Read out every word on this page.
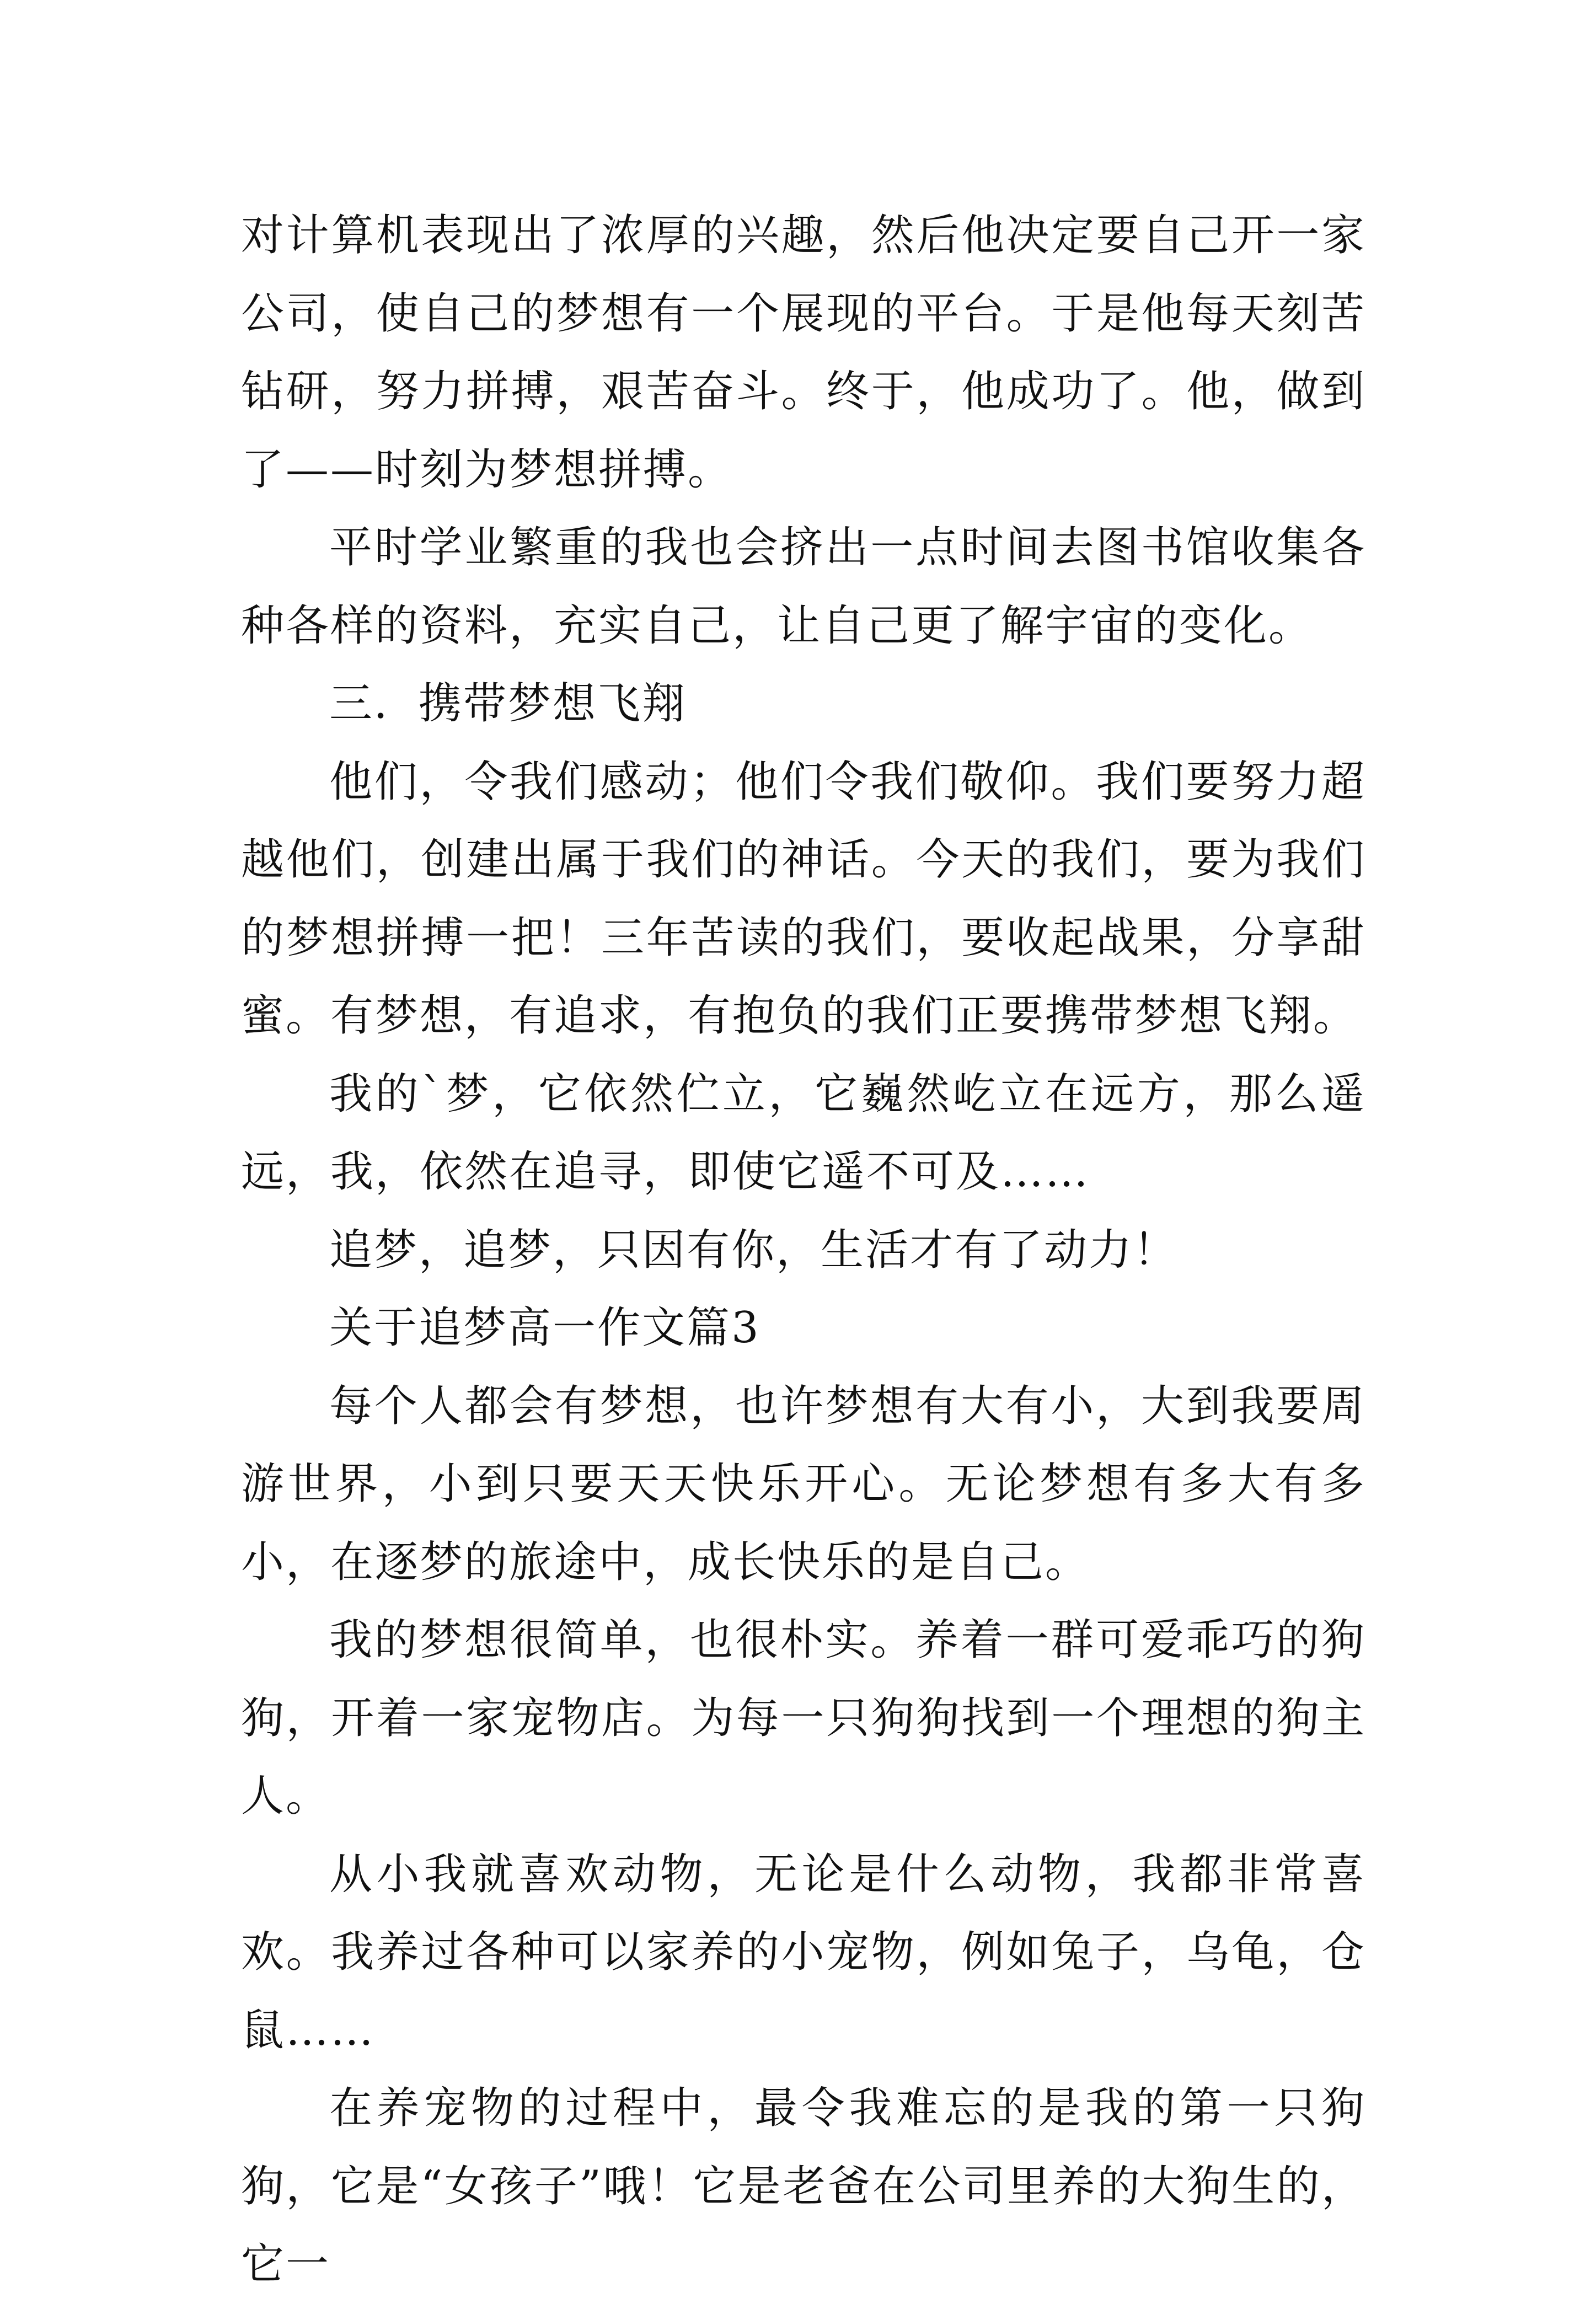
对计算机表现出了浓厚的兴趣，然后他决定要自己开一家公司，使自己的梦想有一个展现的平台。于是他每天刻苦钻研，努力拼搏，艰苦奋斗。终于，他成功了。他，做到了——时刻为梦想拼搏。

平时学业繁重的我也会挤出一点时间去图书馆收集各种各样的资料，充实自己，让自己更了解宇宙的变化。

三．携带梦想飞翔

他们，令我们感动；他们令我们敬仰。我们要努力超越他们，创建出属于我们的神话。今天的我们，要为我们的梦想拼搏一把！三年苦读的我们，要收起战果，分享甜蜜。有梦想，有追求，有抱负的我们正要携带梦想飞翔。

我的`梦，它依然伫立，它巍然屹立在远方，那么遥远，我，依然在追寻，即使它遥不可及……

追梦，追梦，只因有你，生活才有了动力！

关于追梦高一作文篇3

每个人都会有梦想，也许梦想有大有小，大到我要周游世界，小到只要天天快乐开心。无论梦想有多大有多小，在逐梦的旅途中，成长快乐的是自己。

我的梦想很简单，也很朴实。养着一群可爱乖巧的狗狗，开着一家宠物店。为每一只狗狗找到一个理想的狗主人。

从小我就喜欢动物，无论是什么动物，我都非常喜欢。我养过各种可以家养的小宠物，例如兔子，乌龟，仓鼠……

在养宠物的过程中，最令我难忘的是我的第一只狗狗，它是“女孩子”哦！它是老爸在公司里养的大狗生的，它一
